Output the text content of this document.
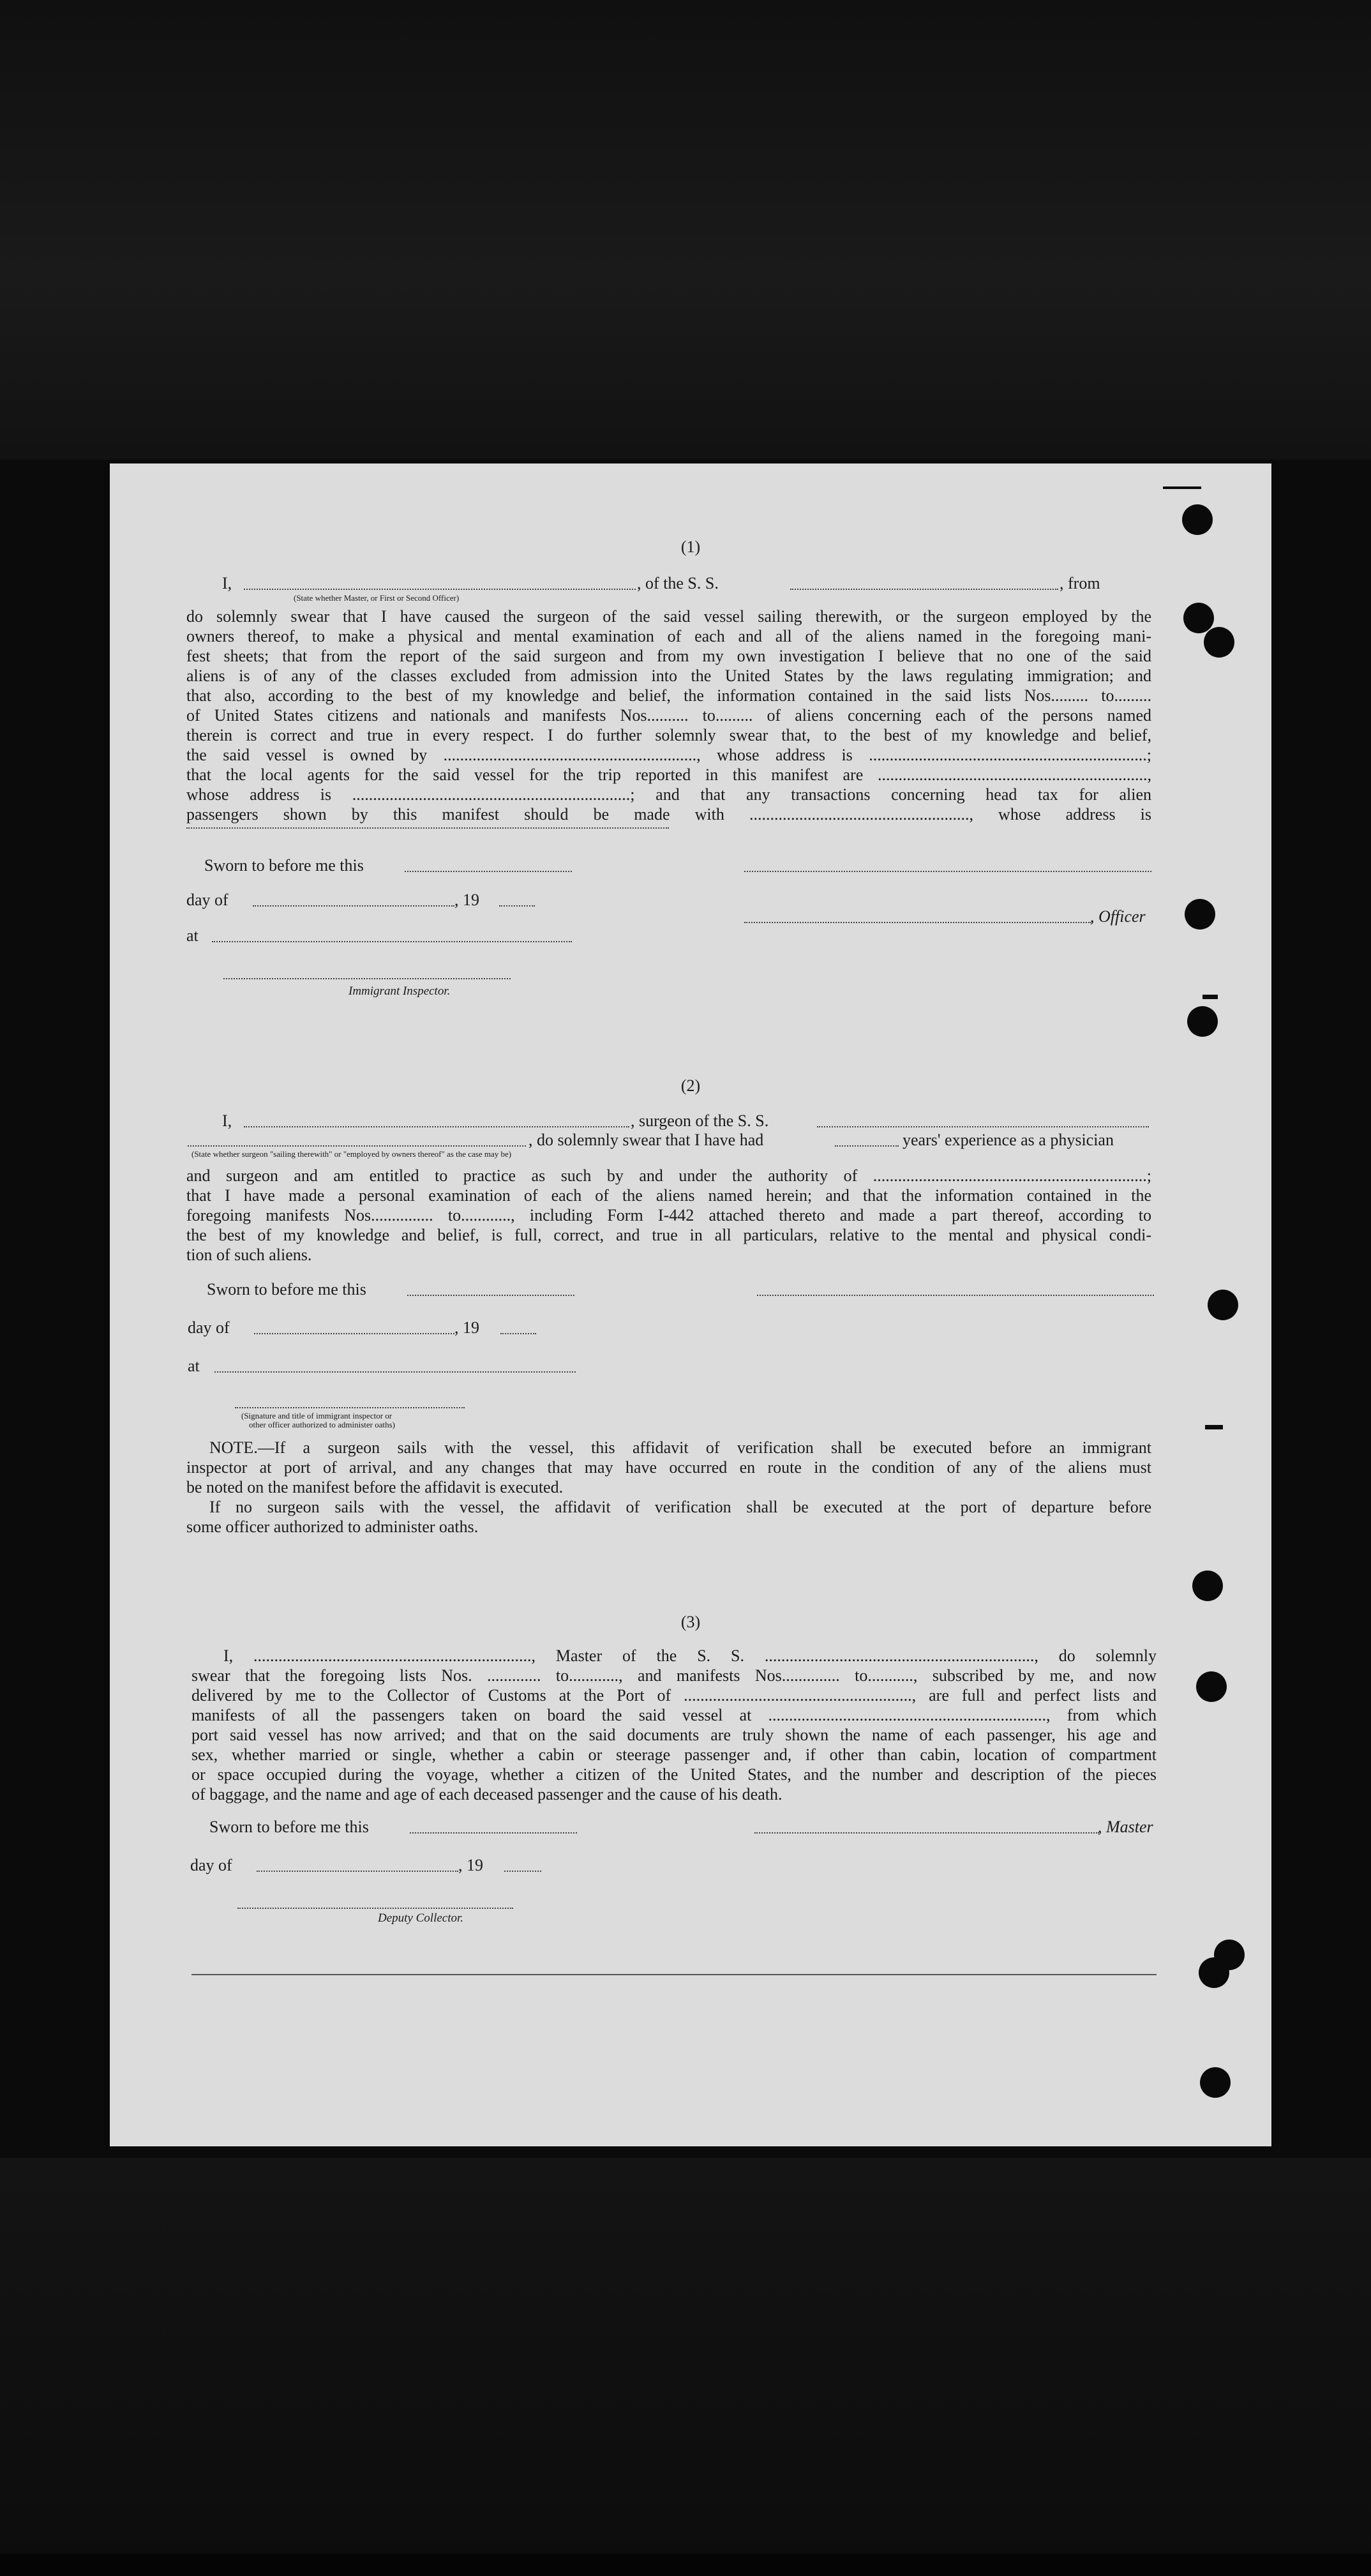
(1)
I,	, of the S. S.	, from
(State whether Master, or First or Second Officer)
do solemnly swear that I have caused the surgeon of the said vessel sailing therewith, or the surgeon employed by the
owners thereof, to make a physical and mental examination of each and all of the aliens named in the foregoing mani-
fest sheets; that from the report of the said surgeon and from my own investigation I believe that no one of the said
aliens is of any of the classes excluded from admission into the United States by the laws regulating immigration; and
that also, according to the best of my knowledge and belief, the information contained in the said lists Nos......... to.........
of United States citizens and nationals and manifests Nos.......... to......... of aliens concerning each of the persons named
therein is correct and true in every respect. I do further solemnly swear that, to the best of my knowledge and belief,
the said vessel is owned by ............................................................., whose address is ...................................................................;
that the local agents for the said vessel for the trip reported in this manifest are .................................................................,
whose address is ...................................................................; and that any transactions concerning head tax for alien
passengers shown by this manifest should be made with ....................................................., whose address is
Sworn to before me this
day of	, 19
, Officer
at
Immigrant Inspector.
(2)
I,	, surgeon of the S. S.
, do solemnly swear that I have had	years' experience as a physician
(State whether surgeon "sailing therewith" or "employed by owners thereof" as the case may be)
and surgeon and am entitled to practice as such by and under the authority of ..................................................................;
that I have made a personal examination of each of the aliens named herein; and that the information contained in the
foregoing manifests Nos............... to............, including Form I-442 attached thereto and made a part thereof, according to
the best of my knowledge and belief, is full, correct, and true in all particulars, relative to the mental and physical condi-
tion of such aliens.
Sworn to before me this
day of	, 19
at
(Signature and title of immigrant inspector or
other officer authorized to administer oaths)
NOTE.—If a surgeon sails with the vessel, this affidavit of verification shall be executed before an immigrant
inspector at port of arrival, and any changes that may have occurred en route in the condition of any of the aliens must
be noted on the manifest before the affidavit is executed.
If no surgeon sails with the vessel, the affidavit of verification shall be executed at the port of departure before
some officer authorized to administer oaths.
(3)
I, ..................................................................., Master of the S. S. ................................................................., do solemnly
swear that the foregoing lists Nos. ............. to............, and manifests Nos.............. to..........., subscribed by me, and now
delivered by me to the Collector of Customs at the Port of ......................................................., are full and perfect lists and
manifests of all the passengers taken on board the said vessel at ..................................................................., from which
port said vessel has now arrived; and that on the said documents are truly shown the name of each passenger, his age and
sex, whether married or single, whether a cabin or steerage passenger and, if other than cabin, location of compartment
or space occupied during the voyage, whether a citizen of the United States, and the number and description of the pieces
of baggage, and the name and age of each deceased passenger and the cause of his death.
Sworn to before me this	, Master
day of	, 19
Deputy Collector.
